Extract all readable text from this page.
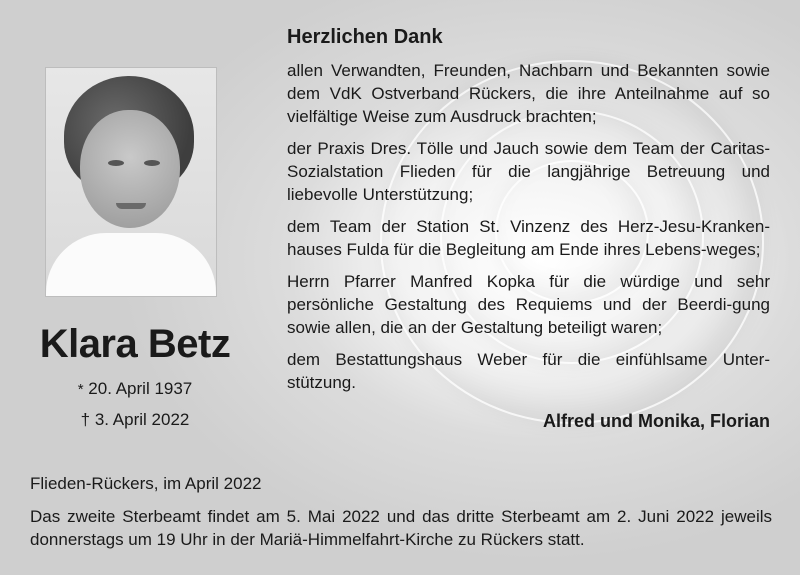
Klara Betz
* 20. April 1937
† 3. April 2022
Herzlichen Dank
allen Verwandten, Freunden, Nachbarn und Bekannten sowie dem VdK Ostverband Rückers, die ihre Anteilnahme auf so vielfältige Weise zum Ausdruck brachten;
der Praxis Dres. Tölle und Jauch sowie dem Team der Caritas-Sozialstation Flieden für die langjährige Betreuung und liebevolle Unterstützung;
dem Team der Station St. Vinzenz des Herz-Jesu-Kranken-hauses Fulda für die Begleitung am Ende ihres Lebens-weges;
Herrn Pfarrer Manfred Kopka für die würdige und sehr persönliche Gestaltung des Requiems und der Beerdi-gung sowie allen, die an der Gestaltung beteiligt waren;
dem Bestattungshaus Weber für die einfühlsame Unter-stützung.
Alfred und Monika, Florian
Flieden-Rückers, im April 2022
Das zweite Sterbeamt findet am 5. Mai 2022 und das dritte Sterbeamt am 2. Juni 2022 jeweils donnerstags um 19 Uhr in der Mariä-Himmelfahrt-Kirche zu Rückers statt.
